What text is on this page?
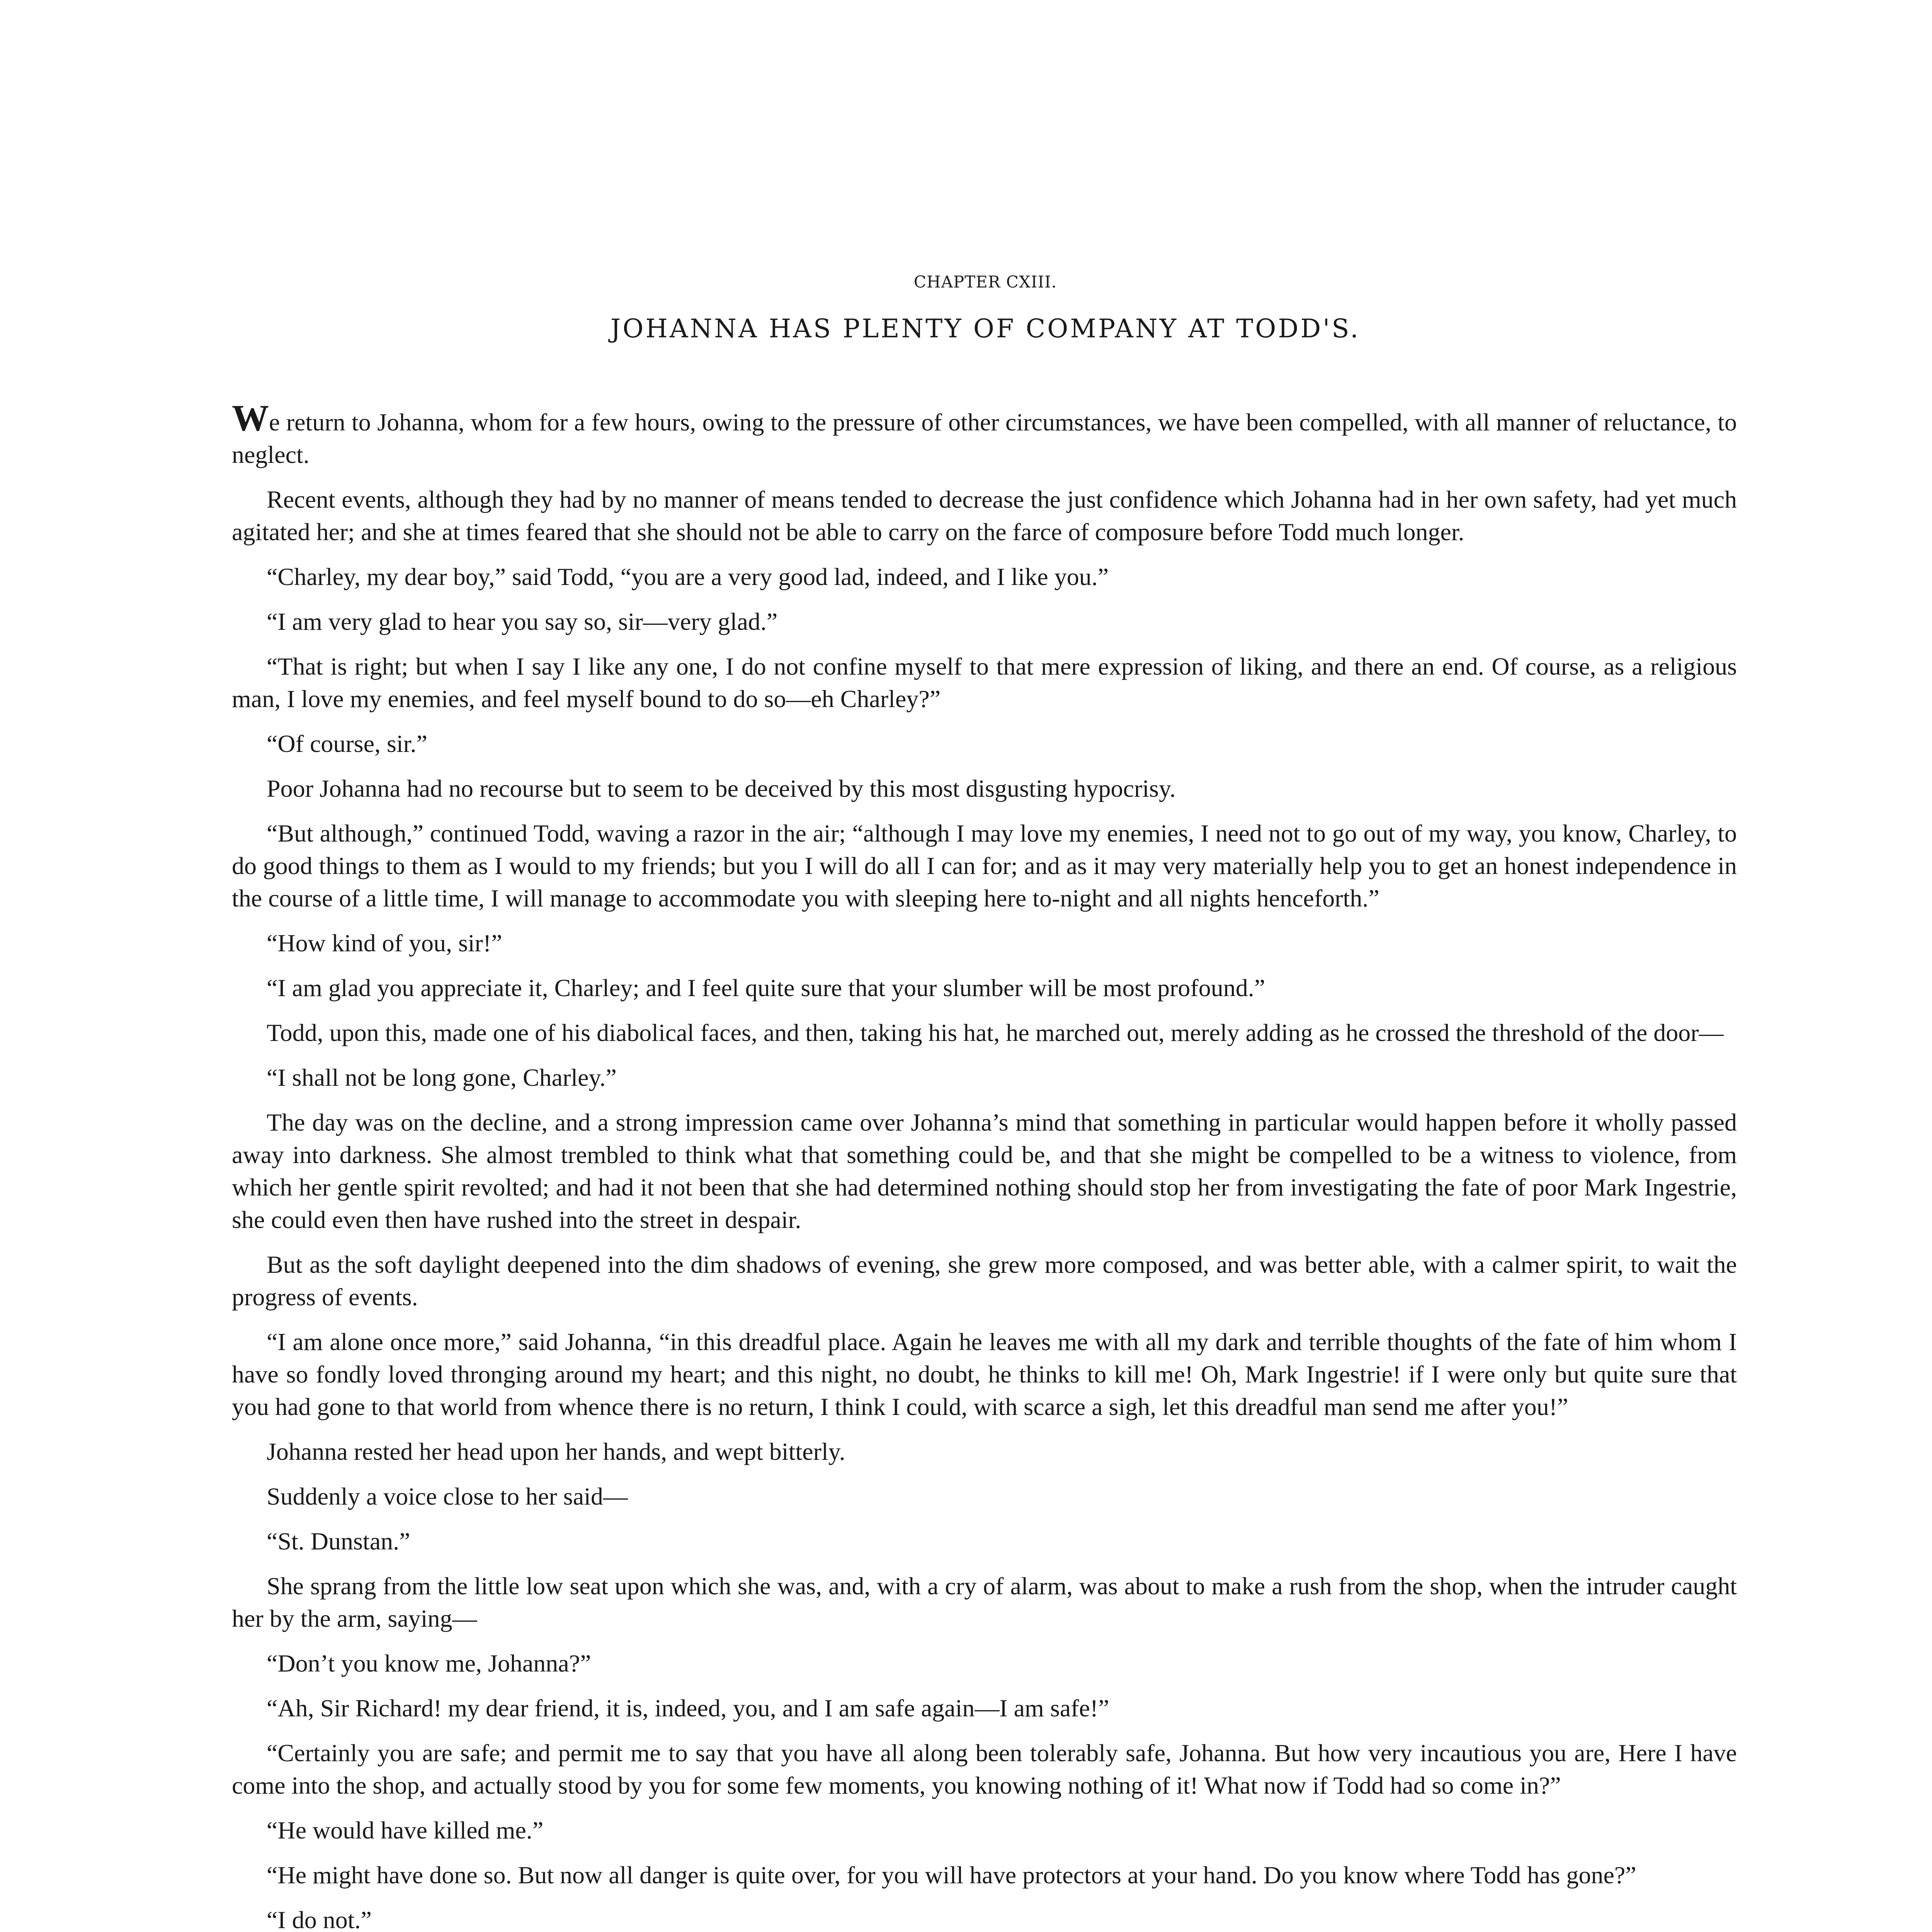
CHAPTER CXIII.
JOHANNA HAS PLENTY OF COMPANY AT TODD'S.

We return to Johanna, whom for a few hours, owing to the pressure of other circumstances, we have been compelled, with all manner of reluctance, to neglect.

Recent events, although they had by no manner of means tended to decrease the just confidence which Johanna had in her own safety, had yet much agitated her; and she at times feared that she should not be able to carry on the farce of composure before Todd much longer.

“Charley, my dear boy,” said Todd, “you are a very good lad, indeed, and I like you.”

“I am very glad to hear you say so, sir—very glad.”

“That is right; but when I say I like any one, I do not confine myself to that mere expression of liking, and there an end. Of course, as a religious man, I love my enemies, and feel myself bound to do so—eh Charley?”

“Of course, sir.”

Poor Johanna had no recourse but to seem to be deceived by this most disgusting hypocrisy.

“But although,” continued Todd, waving a razor in the air; “although I may love my enemies, I need not to go out of my way, you know, Charley, to do good things to them as I would to my friends; but you I will do all I can for; and as it may very materially help you to get an honest independence in the course of a little time, I will manage to accommodate you with sleeping here to-night and all nights henceforth.”

“How kind of you, sir!”

“I am glad you appreciate it, Charley; and I feel quite sure that your slumber will be most profound.”

Todd, upon this, made one of his diabolical faces, and then, taking his hat, he marched out, merely adding as he crossed the threshold of the door—

“I shall not be long gone, Charley.”

The day was on the decline, and a strong impression came over Johanna’s mind that something in particular would happen before it wholly passed away into darkness. She almost trembled to think what that something could be, and that she might be compelled to be a witness to violence, from which her gentle spirit revolted; and had it not been that she had determined nothing should stop her from investigating the fate of poor Mark Ingestrie, she could even then have rushed into the street in despair.

But as the soft daylight deepened into the dim shadows of evening, she grew more composed, and was better able, with a calmer spirit, to wait the progress of events.

“I am alone once more,” said Johanna, “in this dreadful place. Again he leaves me with all my dark and terrible thoughts of the fate of him whom I have so fondly loved thronging around my heart; and this night, no doubt, he thinks to kill me! Oh, Mark Ingestrie! if I were only but quite sure that you had gone to that world from whence there is no return, I think I could, with scarce a sigh, let this dreadful man send me after you!”

Johanna rested her head upon her hands, and wept bitterly.

Suddenly a voice close to her said—

“St. Dunstan.”

She sprang from the little low seat upon which she was, and, with a cry of alarm, was about to make a rush from the shop, when the intruder caught her by the arm, saying—

“Don’t you know me, Johanna?”

“Ah, Sir Richard! my dear friend, it is, indeed, you, and I am safe again—I am safe!”

“Certainly you are safe; and permit me to say that you have all along been tolerably safe, Johanna. But how very incautious you are, Here I have come into the shop, and actually stood by you for some few moments, you knowing nothing of it! What now if Todd had so come in?”

“He would have killed me.”

“He might have done so. But now all danger is quite over, for you will have protectors at your hand. Do you know where Todd has gone?”

“I do not.”
